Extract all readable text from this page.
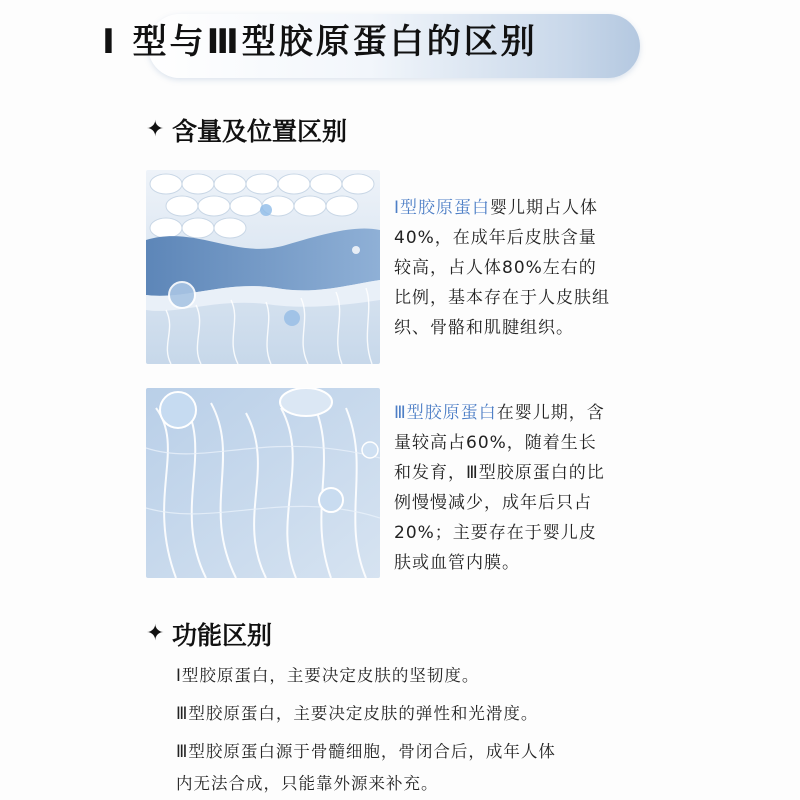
Ⅰ 型与Ⅲ型胶原蛋白的区别
✦ 含量及位置区别
Ⅰ型胶原蛋白婴儿期占人体
40%，在成年后皮肤含量
较高，占人体80%左右的
比例，基本存在于人皮肤组
织、骨骼和肌腱组织。
Ⅲ型胶原蛋白在婴儿期，含
量较高占60%，随着生长
和发育，Ⅲ型胶原蛋白的比
例慢慢减少，成年后只占
20%；主要存在于婴儿皮
肤或血管内膜。
✦ 功能区别
Ⅰ型胶原蛋白，主要决定皮肤的坚韧度。
Ⅲ型胶原蛋白，主要决定皮肤的弹性和光滑度。
Ⅲ型胶原蛋白源于骨髓细胞，骨闭合后，成年人体
内无法合成，只能靠外源来补充。
